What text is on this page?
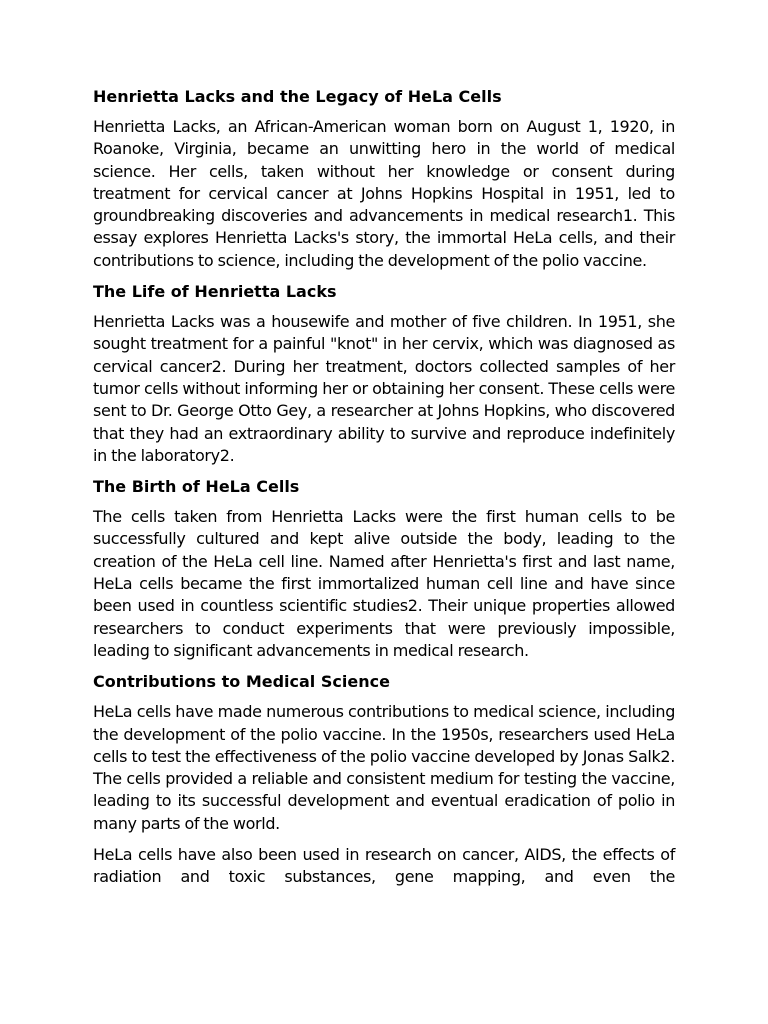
Henrietta Lacks and the Legacy of HeLa Cells

Henrietta Lacks, an African-American woman born on August 1, 1920, in Roanoke, Virginia, became an unwitting hero in the world of medical science. Her cells, taken without her knowledge or consent during treatment for cervical cancer at Johns Hopkins Hospital in 1951, led to groundbreaking discoveries and advancements in medical research1. This essay explores Henrietta Lacks's story, the immortal HeLa cells, and their contributions to science, including the development of the polio vaccine.

The Life of Henrietta Lacks

Henrietta Lacks was a housewife and mother of five children. In 1951, she sought treatment for a painful "knot" in her cervix, which was diagnosed as cervical cancer2. During her treatment, doctors collected samples of her tumor cells without informing her or obtaining her consent. These cells were sent to Dr. George Otto Gey, a researcher at Johns Hopkins, who discovered that they had an extraordinary ability to survive and reproduce indefinitely in the laboratory2.

The Birth of HeLa Cells

The cells taken from Henrietta Lacks were the first human cells to be successfully cultured and kept alive outside the body, leading to the creation of the HeLa cell line. Named after Henrietta's first and last name, HeLa cells became the first immortalized human cell line and have since been used in countless scientific studies2. Their unique properties allowed researchers to conduct experiments that were previously impossible, leading to significant advancements in medical research.

Contributions to Medical Science

HeLa cells have made numerous contributions to medical science, including the development of the polio vaccine. In the 1950s, researchers used HeLa cells to test the effectiveness of the polio vaccine developed by Jonas Salk2. The cells provided a reliable and consistent medium for testing the vaccine, leading to its successful development and eventual eradication of polio in many parts of the world.

HeLa cells have also been used in research on cancer, AIDS, the effects of radiation and toxic substances, gene mapping, and even the
